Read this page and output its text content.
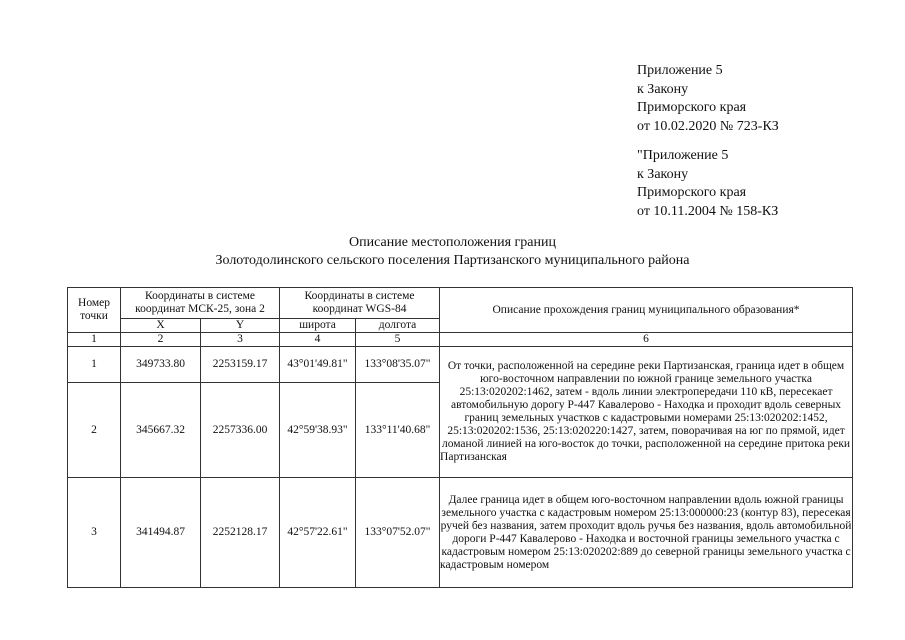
Приложение 5
к Закону
Приморского края
от 10.02.2020 № 723-КЗ
"Приложение 5
к Закону
Приморского края
от 10.11.2004 № 158-КЗ
Описание местоположения границ
Золотодолинского сельского поселения Партизанского муниципального района
Номер точки	Координаты в системе координат МСК-25, зона 2		Координаты в системе координат WGS-84		Описание прохождения границ муниципального образования*
	X	Y	широта	долгота	
1	2	3	4	5	6
1	349733.80	2253159.17	43°01'49.81"	133°08'35.07"	От точки, расположенной на середине реки Партизанская, граница идет в общем юго-восточном направлении по южной границе земельного участка 25:13:020202:1462, затем - вдоль линии электропередачи 110 кВ, пересекает автомобильную дорогу Р-447 Кавалерово - Находка и проходит вдоль северных границ земельных участков с кадастровыми номерами 25:13:020202:1452, 25:13:020202:1536, 25:13:020220:1427, затем, поворачивая на юг по прямой, идет ломаной линией на юго-восток до точки, расположенной на середине притока реки Партизанская

2	345667.32	2257336.00	42°59'38.93"	133°11'40.68"	
3	341494.87	2252128.17	42°57'22.61"	133°07'52.07"	Далее граница идет в общем юго-восточном направлении вдоль южной границы земельного участка с кадастровым номером 25:13:000000:23 (контур 83), пересекая ручей без названия, затем проходит вдоль ручья без названия, вдоль автомобильной дороги Р-447 Кавалерово - Находка и восточной границы земельного участка с кадастровым номером 25:13:020202:889 до северной границы земельного участка с кадастровым номером
